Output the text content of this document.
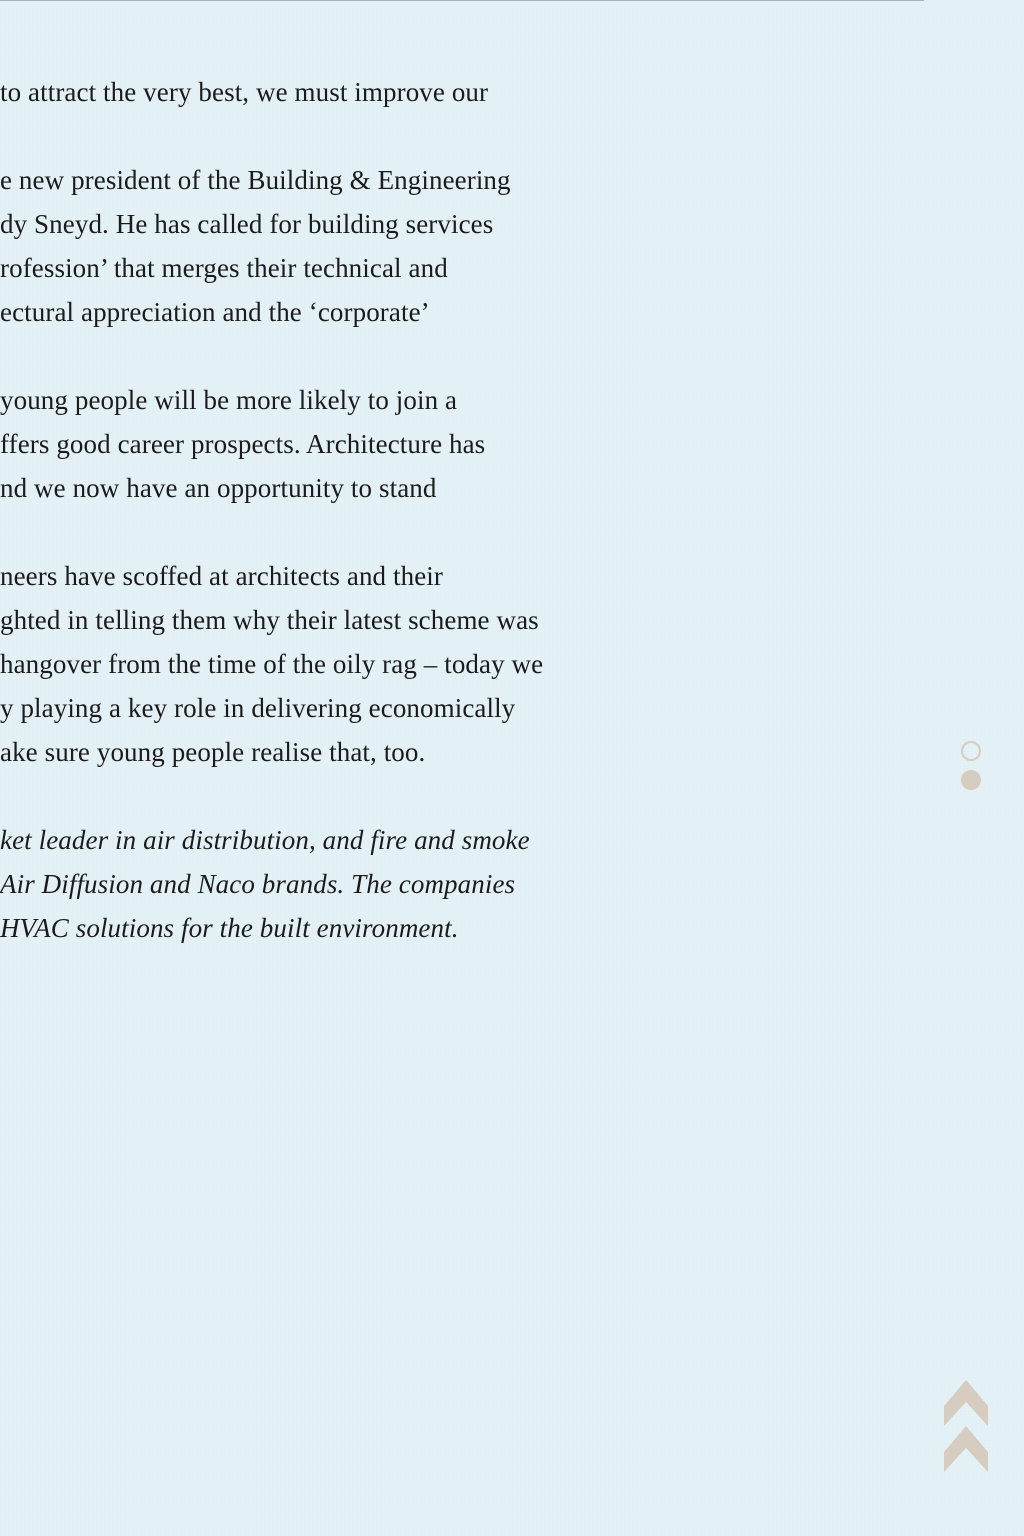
to attract the very best, we must improve our
e new president of the Building & Engineering
dy Sneyd. He has called for building services
rofession’ that merges their technical and
ectural appreciation and the ‘corporate’
young people will be more likely to join a
ffers good career prospects. Architecture has
nd we now have an opportunity to stand
neers have scoffed at architects and their
ghted in telling them why their latest scheme was
hangover from the time of the oily rag – today we
y playing a key role in delivering economically
ake sure young people realise that, too.
ket leader in air distribution, and fire and smoke
Air Diffusion and Naco brands. The companies
HVAC solutions for the built environment.
